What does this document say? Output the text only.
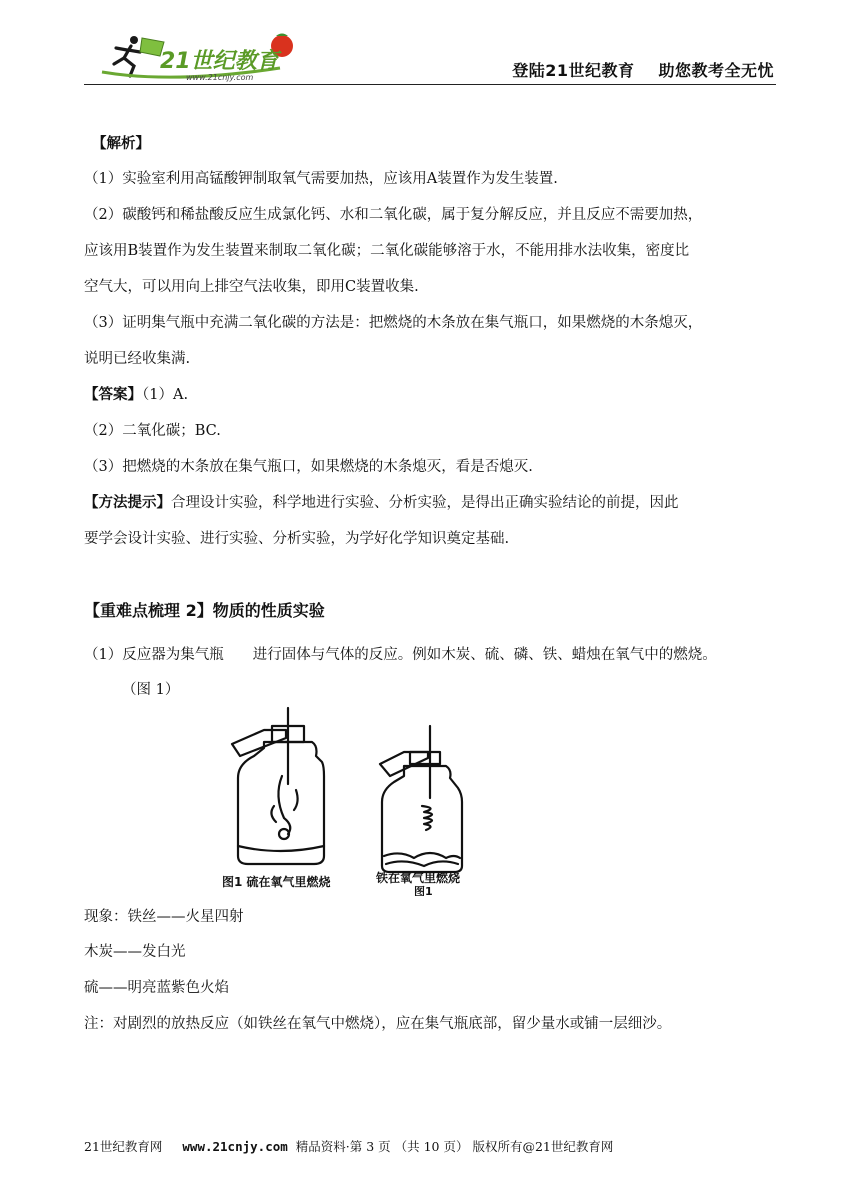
21世纪教育
www.21cnjy.com	登陆21世纪教育 助您教考全无忧
【解析】
（1）实验室利用高锰酸钾制取氧气需要加热，应该用A装置作为发生装置.
（2）碳酸钙和稀盐酸反应生成氯化钙、水和二氧化碳，属于复分解反应，并且反应不需要加热，
应该用B装置作为发生装置来制取二氧化碳；二氧化碳能够溶于水，不能用排水法收集，密度比
空气大，可以用向上排空气法收集，即用C装置收集.
（3）证明集气瓶中充满二氧化碳的方法是：把燃烧的木条放在集气瓶口，如果燃烧的木条熄灭，
说明已经收集满.
【答案】（1）A.
（2）二氧化碳；BC.
（3）把燃烧的木条放在集气瓶口，如果燃烧的木条熄灭，看是否熄灭.
【方法提示】合理设计实验，科学地进行实验、分析实验，是得出正确实验结论的前提，因此
要学会设计实验、进行实验、分析实验，为学好化学知识奠定基础.
【重难点梳理 2】物质的性质实验
（1）反应器为集气瓶　　进行固体与气体的反应。例如木炭、硫、磷、铁、蜡烛在氧气中的燃烧。
（图 1）
现象：铁丝——火星四射
木炭——发白光
硫——明亮蓝紫色火焰
注：对剧烈的放热反应（如铁丝在氧气中燃烧），应在集气瓶底部，留少量水或铺一层细沙。
图1 硫在氧气里燃烧	铁在氧气里燃烧
图1
21世纪教育网 www.21cnjy.com 精品资料·第 3 页 （共 10 页） 版权所有@21世纪教育网
